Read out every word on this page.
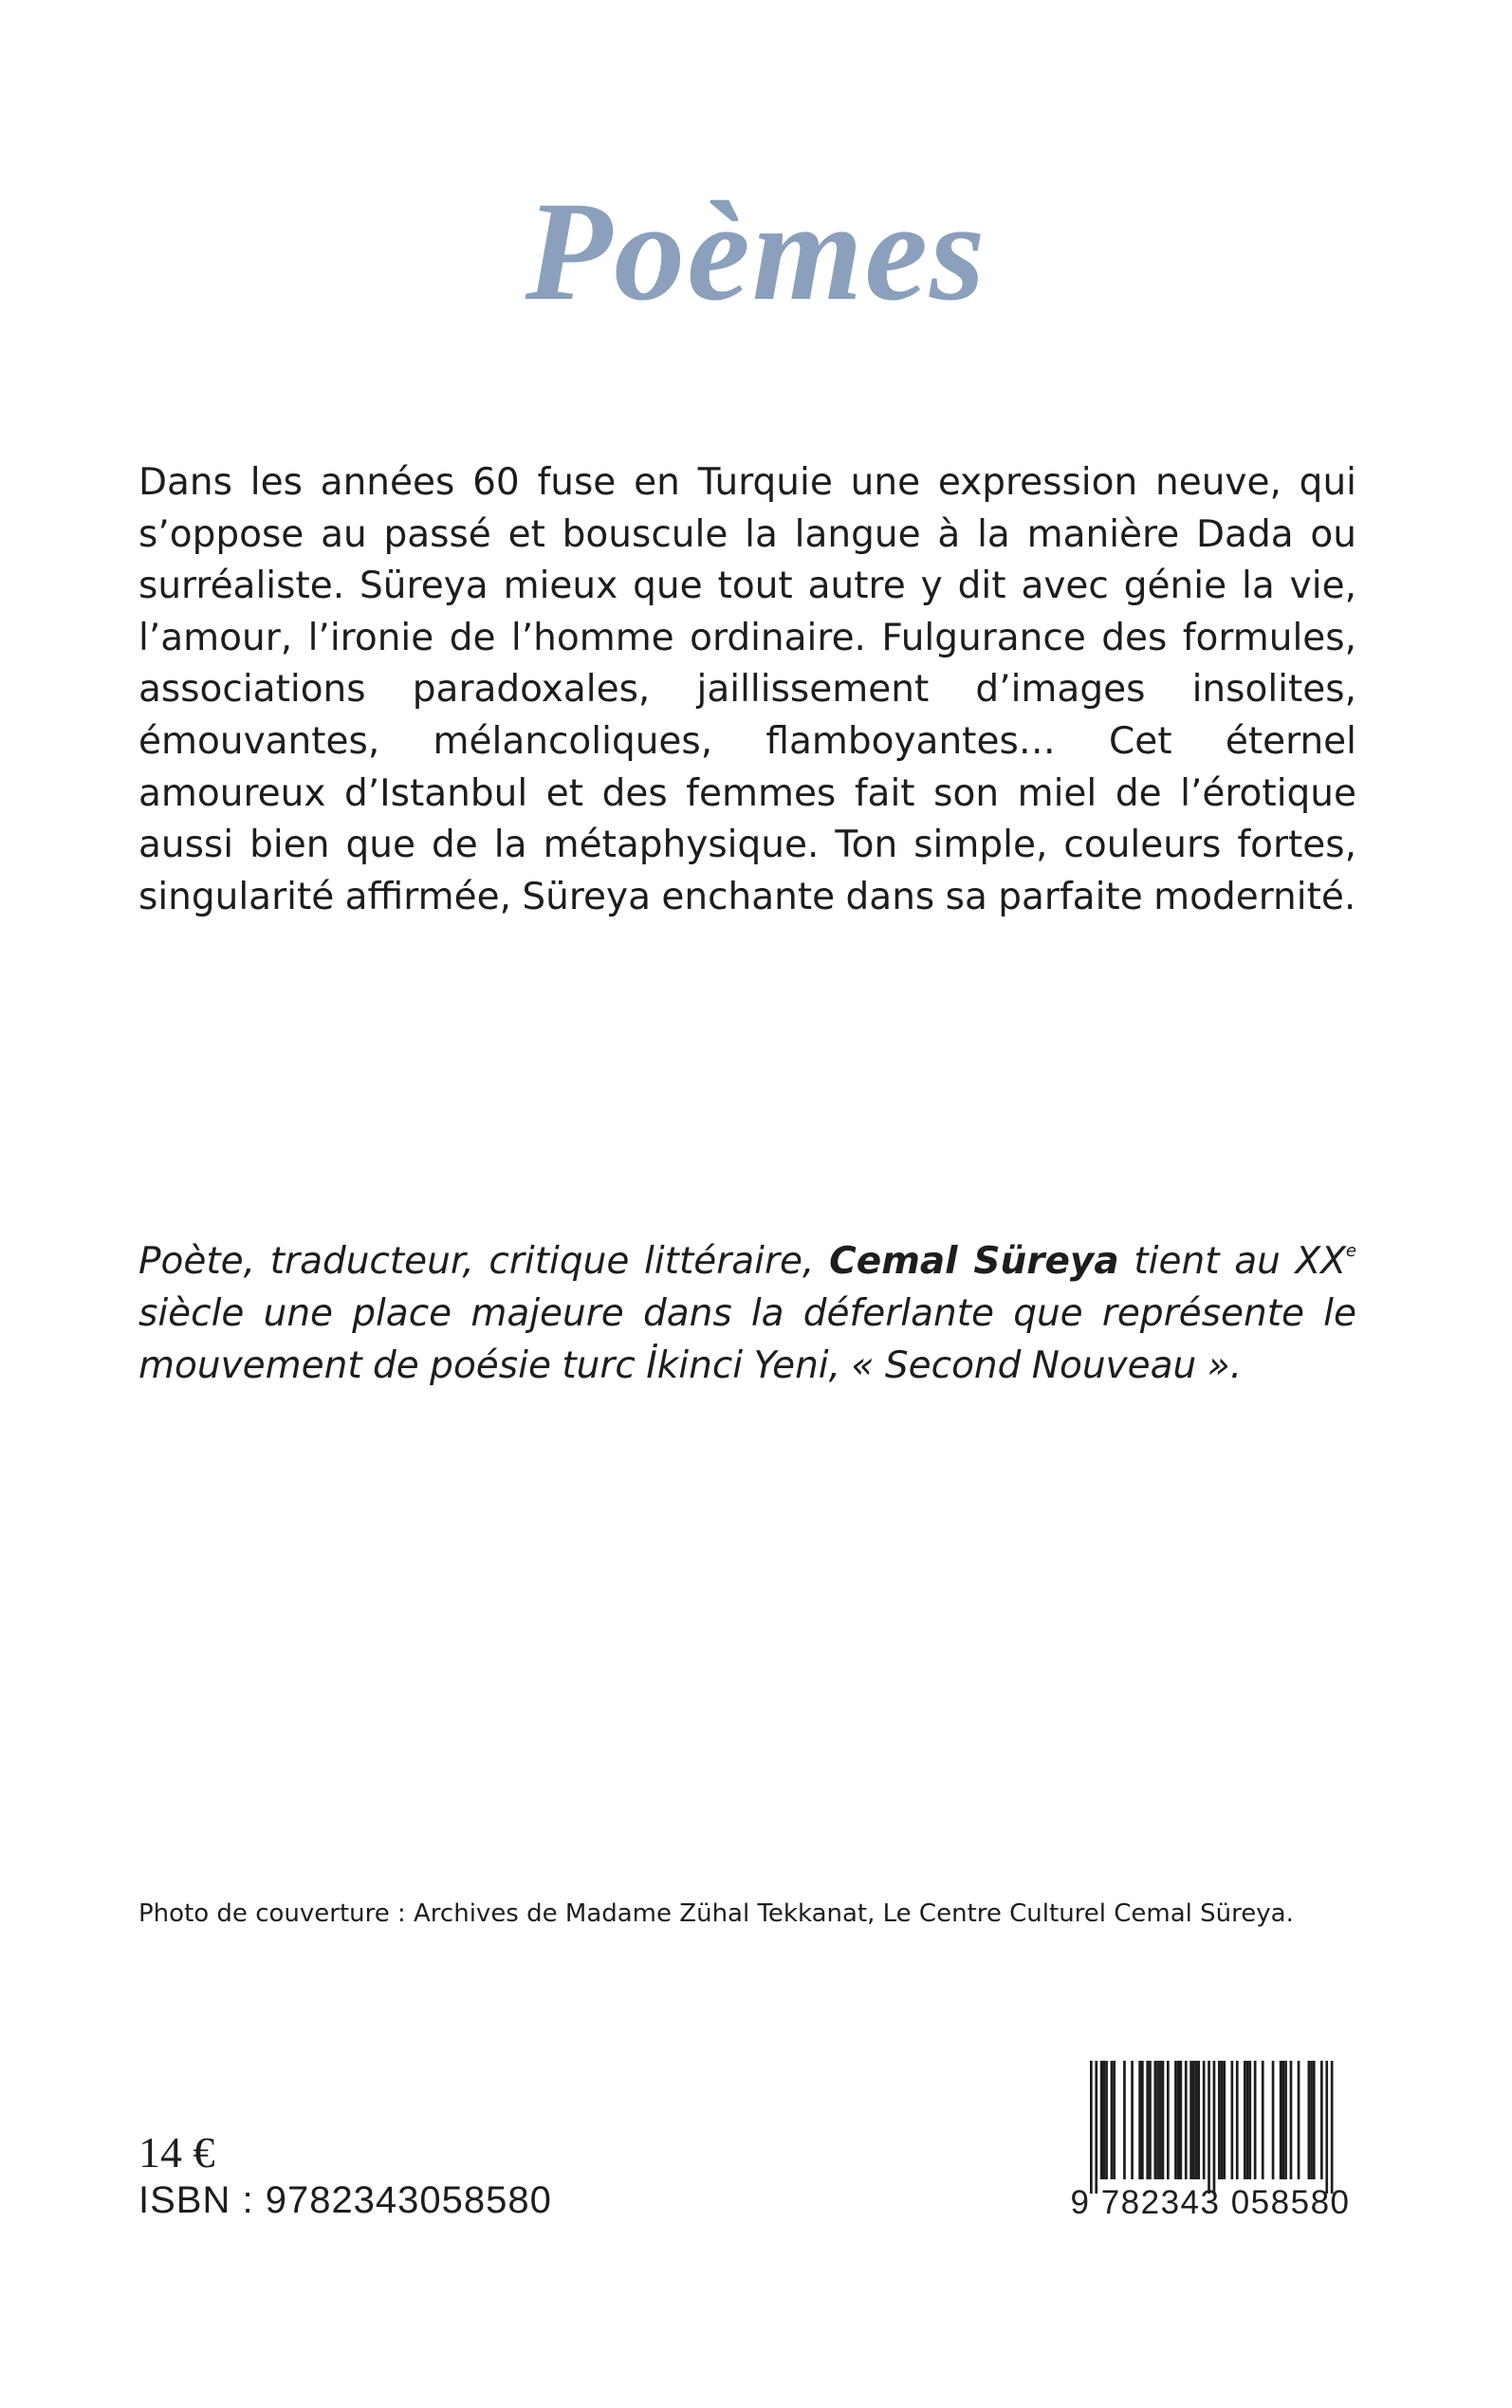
Poèmes

Dans les années 60 fuse en Turquie une expression neuve, qui s’oppose au passé et bouscule la langue à la manière Dada ou surréaliste. Süreya mieux que tout autre y dit avec génie la vie, l’amour, l’ironie de l’homme ordinaire. Fulgurance des formules, associations paradoxales, jaillissement d’images insolites, émouvantes, mélancoliques, flamboyantes… Cet éternel amoureux d’Istanbul et des femmes fait son miel de l’érotique aussi bien que de la métaphysique. Ton simple, couleurs fortes, singularité affirmée, Süreya enchante dans sa parfaite modernité.

Poète, traducteur, critique littéraire, Cemal Süreya tient au XXe siècle une place majeure dans la déferlante que représente le mouvement de poésie turc İkinci Yeni, « Second Nouveau ».

Photo de couverture : Archives de Madame Zühal Tekkanat, Le Centre Culturel Cemal Süreya.

14 €
ISBN : 9782343058580	9 782343 058580
